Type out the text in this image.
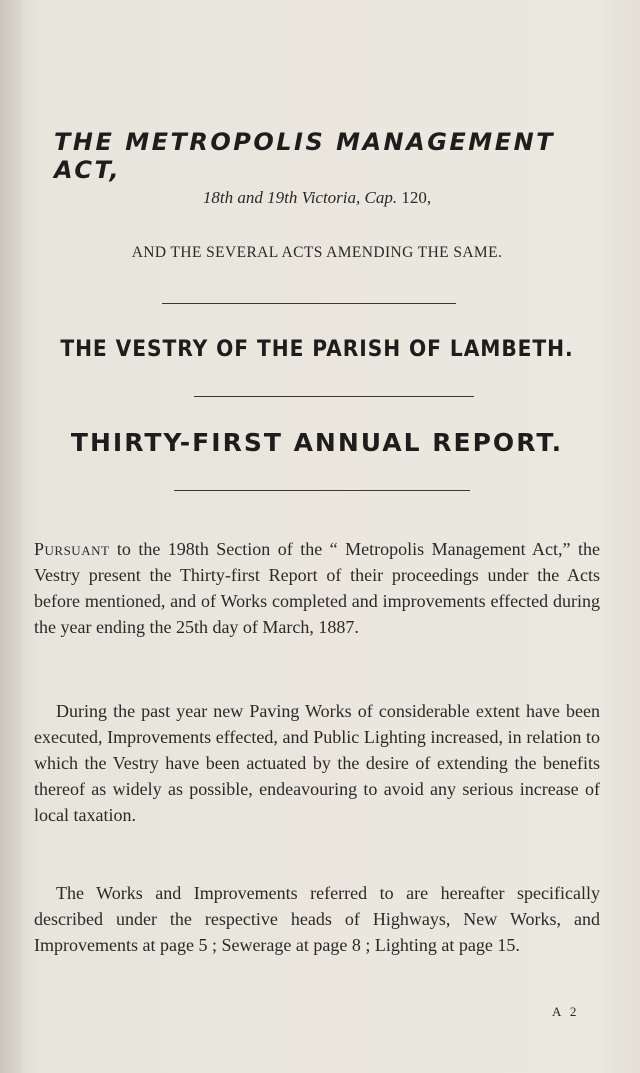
THE METROPOLIS MANAGEMENT ACT,

18th and 19th Victoria, Cap. 120,

AND THE SEVERAL ACTS AMENDING THE SAME.

THE VESTRY OF THE PARISH OF LAMBETH.
THIRTY-FIRST ANNUAL REPORT.

Pursuant to the 198th Section of the “ Metropolis Management Act,” the Vestry present the Thirty-first Report of their proceedings under the Acts before mentioned, and of Works completed and improvements effected during the year ending the 25th day of March, 1887.

During the past year new Paving Works of considerable extent have been executed, Improvements effected, and Public Lighting increased, in relation to which the Vestry have been actuated by the desire of extending the benefits thereof as widely as possible, endeavouring to avoid any serious increase of local taxation.

The Works and Improvements referred to are hereafter specifically described under the respective heads of Highways, New Works, and Improvements at page 5 ; Sewerage at page 8 ; Lighting at page 15.

A 2
